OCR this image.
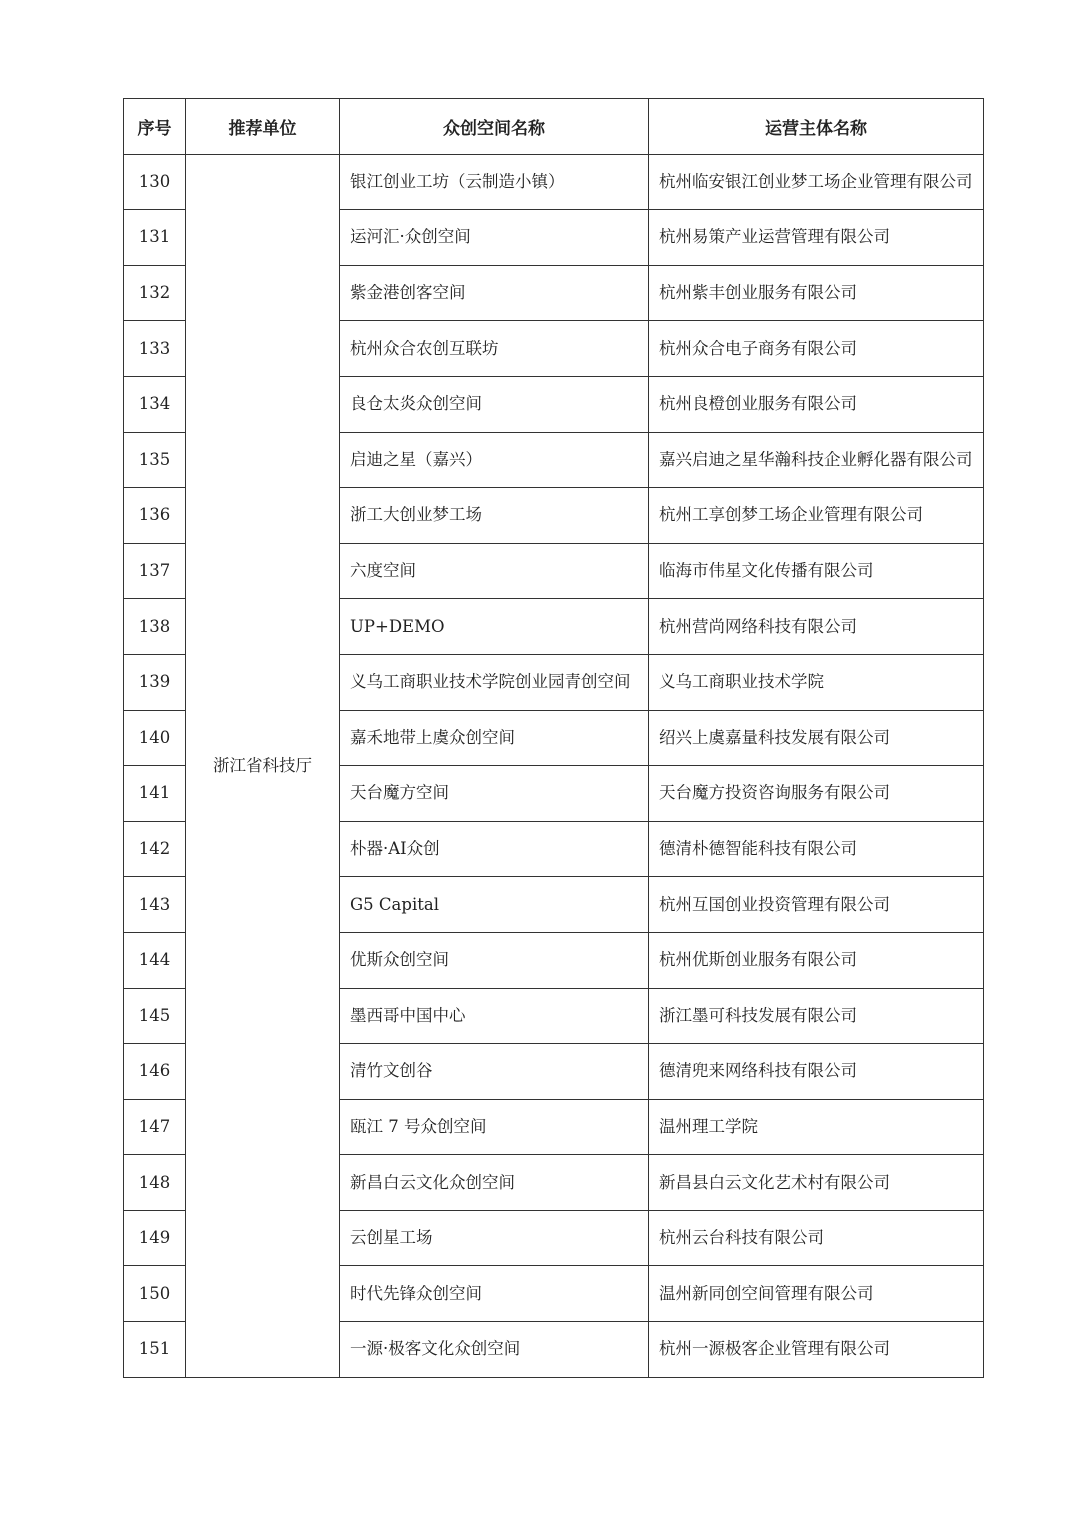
序号	推荐单位	众创空间名称	运营主体名称
130	浙江省科技厅	银江创业工坊（云制造小镇）	杭州临安银江创业梦工场企业管理有限公司
131		运河汇·众创空间	杭州易策产业运营管理有限公司
132		紫金港创客空间	杭州紫丰创业服务有限公司
133		杭州众合农创互联坊	杭州众合电子商务有限公司
134		良仓太炎众创空间	杭州良橙创业服务有限公司
135		启迪之星（嘉兴）	嘉兴启迪之星华瀚科技企业孵化器有限公司
136		浙工大创业梦工场	杭州工享创梦工场企业管理有限公司
137		六度空间	临海市伟星文化传播有限公司
138		UP+DEMO	杭州营尚网络科技有限公司
139		义乌工商职业技术学院创业园青创空间	义乌工商职业技术学院
140		嘉禾地带上虞众创空间	绍兴上虞嘉量科技发展有限公司
141		天台魔方空间	天台魔方投资咨询服务有限公司
142		朴器·AI众创	德清朴德智能科技有限公司
143		G5 Capital	杭州互国创业投资管理有限公司
144		优斯众创空间	杭州优斯创业服务有限公司
145		墨西哥中国中心	浙江墨可科技发展有限公司
146		清竹文创谷	德清兜来网络科技有限公司
147		瓯江 7 号众创空间	温州理工学院
148		新昌白云文化众创空间	新昌县白云文化艺术村有限公司
149		云创星工场	杭州云台科技有限公司
150		时代先锋众创空间	温州新同创空间管理有限公司
151		一源·极客文化众创空间	杭州一源极客企业管理有限公司
